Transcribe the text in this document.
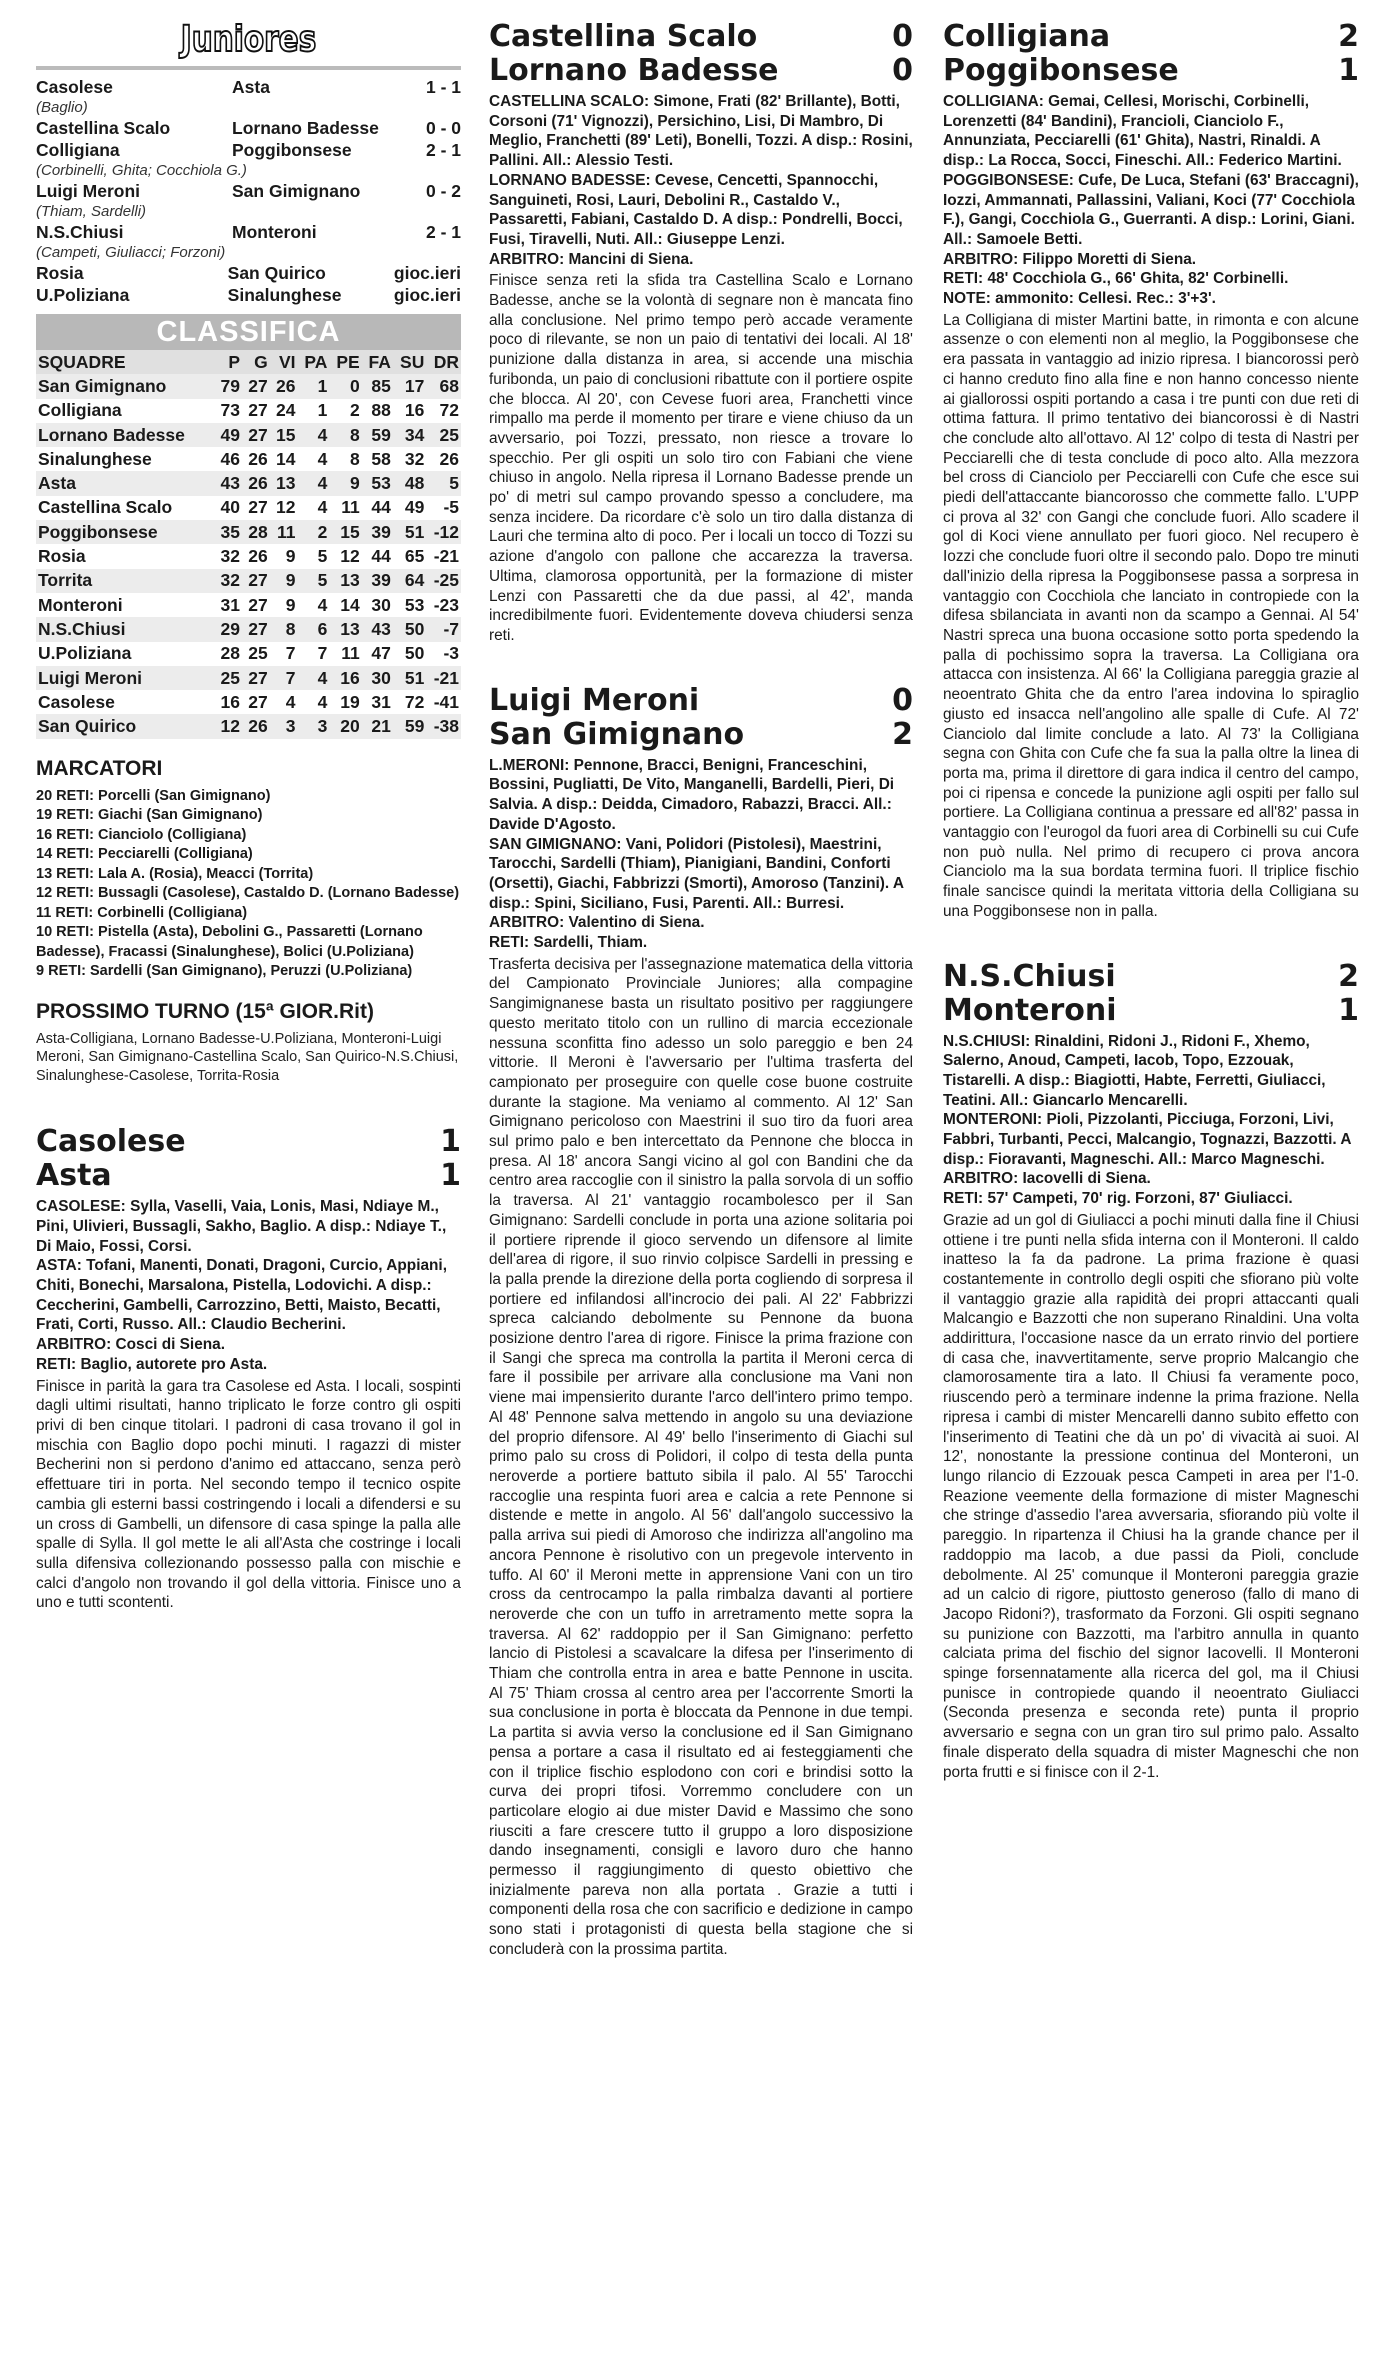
Juniores
Casolese	Asta	1 - 1
(Baglio)
Castellina Scalo	Lornano Badesse	0 - 0
Colligiana	Poggibonsese	2 - 1
(Corbinelli, Ghita; Cocchiola G.)
Luigi Meroni	San Gimignano	0 - 2
(Thiam, Sardelli)
N.S.Chiusi	Monteroni	2 - 1
(Campeti, Giuliacci; Forzoni)
Rosia	San Quirico	gioc.ieri
U.Poliziana	Sinalunghese	gioc.ieri
CLASSIFICA
SQUADRE	P	G	VI	PA	PE	FA	SU	DR
San Gimignano	79	27	26	1	0	85	17	68
Colligiana	73	27	24	1	2	88	16	72
Lornano Badesse	49	27	15	4	8	59	34	25
Sinalunghese	46	26	14	4	8	58	32	26
Asta	43	26	13	4	9	53	48	5
Castellina Scalo	40	27	12	4	11	44	49	-5
Poggibonsese	35	28	11	2	15	39	51	-12
Rosia	32	26	9	5	12	44	65	-21
Torrita	32	27	9	5	13	39	64	-25
Monteroni	31	27	9	4	14	30	53	-23
N.S.Chiusi	29	27	8	6	13	43	50	-7
U.Poliziana	28	25	7	7	11	47	50	-3
Luigi Meroni	25	27	7	4	16	30	51	-21
Casolese	16	27	4	4	19	31	72	-41
San Quirico	12	26	3	3	20	21	59	-38
MARCATORI
20 RETI: Porcelli (San Gimignano)
19 RETI: Giachi (San Gimignano)
16 RETI: Cianciolo (Colligiana)
14 RETI: Pecciarelli (Colligiana)
13 RETI: Lala A. (Rosia), Meacci (Torrita)
12 RETI: Bussagli (Casolese), Castaldo D. (Lornano Badesse)
11 RETI: Corbinelli (Colligiana)
10 RETI: Pistella (Asta), Debolini G., Passaretti (Lornano Badesse), Fracassi (Sinalunghese), Bolici (U.Poliziana)
9 RETI: Sardelli (San Gimignano), Peruzzi (U.Poliziana)
PROSSIMO TURNO (15ª GIOR.Rit)
Asta-Colligiana, Lornano Badesse-U.Poliziana, Monteroni-Luigi Meroni, San Gimignano-Castellina Scalo, San Quirico-N.S.Chiusi, Sinalunghese-Casolese, Torrita-Rosia
Casolese	1
Asta	1
CASOLESE: Sylla, Vaselli, Vaia, Lonis, Masi, Ndiaye M., Pini, Ulivieri, Bussagli, Sakho, Baglio. A disp.: Ndiaye T., Di Maio, Fossi, Corsi.
ASTA: Tofani, Manenti, Donati, Dragoni, Curcio, Appiani, Chiti, Bonechi, Marsalona, Pistella, Lodovichi. A disp.: Ceccherini, Gambelli, Carrozzino, Betti, Maisto, Becatti, Frati, Corti, Russo. All.: Claudio Becherini.
ARBITRO: Cosci di Siena.
RETI: Baglio, autorete pro Asta.
Finisce in parità la gara tra Casolese ed Asta. I locali, sospinti dagli ultimi risultati, hanno triplicato le forze contro gli ospiti privi di ben cinque titolari. I padroni di casa trovano il gol in mischia con Baglio dopo pochi minuti. I ragazzi di mister Becherini non si perdono d'animo ed attaccano, senza però effettuare tiri in porta. Nel secondo tempo il tecnico ospite cambia gli esterni bassi costringendo i locali a difendersi e su un cross di Gambelli, un difensore di casa spinge la palla alle spalle di Sylla. Il gol mette le ali all'Asta che costringe i locali sulla difensiva collezionando possesso palla con mischie e calci d'angolo non trovando il gol della vittoria. Finisce uno a uno e tutti scontenti.
Castellina Scalo	0
Lornano Badesse	0
CASTELLINA SCALO: Simone, Frati (82' Brillante), Botti, Corsoni (71' Vignozzi), Persichino, Lisi, Di Mambro, Di Meglio, Franchetti (89' Leti), Bonelli, Tozzi. A disp.: Rosini, Pallini. All.: Alessio Testi.
LORNANO BADESSE: Cevese, Cencetti, Spannocchi, Sanguineti, Rosi, Lauri, Debolini R., Castaldo V., Passaretti, Fabiani, Castaldo D. A disp.: Pondrelli, Bocci, Fusi, Tiravelli, Nuti. All.: Giuseppe Lenzi.
ARBITRO: Mancini di Siena.
Finisce senza reti la sfida tra Castellina Scalo e Lornano Badesse, anche se la volontà di segnare non è mancata fino alla conclusione. Nel primo tempo però accade veramente poco di rilevante, se non un paio di tentativi dei locali. Al 18' punizione dalla distanza in area, si accende una mischia furibonda, un paio di conclusioni ribattute con il portiere ospite che blocca. Al 20', con Cevese fuori area, Franchetti vince rimpallo ma perde il momento per tirare e viene chiuso da un avversario, poi Tozzi, pressato, non riesce a trovare lo specchio. Per gli ospiti un solo tiro con Fabiani che viene chiuso in angolo. Nella ripresa il Lornano Badesse prende un po' di metri sul campo provando spesso a concludere, ma senza incidere. Da ricordare c'è solo un tiro dalla distanza di Lauri che termina alto di poco. Per i locali un tocco di Tozzi su azione d'angolo con pallone che accarezza la traversa. Ultima, clamorosa opportunità, per la formazione di mister Lenzi con Passaretti che da due passi, al 42', manda incredibilmente fuori. Evidentemente doveva chiudersi senza reti.
Luigi Meroni	0
San Gimignano	2
L.MERONI: Pennone, Bracci, Benigni, Franceschini, Bossini, Pugliatti, De Vito, Manganelli, Bardelli, Pieri, Di Salvia. A disp.: Deidda, Cimadoro, Rabazzi, Bracci. All.: Davide D'Agosto.
SAN GIMIGNANO: Vani, Polidori (Pistolesi), Maestrini, Tarocchi, Sardelli (Thiam), Pianigiani, Bandini, Conforti (Orsetti), Giachi, Fabbrizzi (Smorti), Amoroso (Tanzini). A disp.: Spini, Siciliano, Fusi, Parenti. All.: Burresi.
ARBITRO: Valentino di Siena.
RETI: Sardelli, Thiam.
Trasferta decisiva per l'assegnazione matematica della vittoria del Campionato Provinciale Juniores; alla compagine Sangimignanese basta un risultato positivo per raggiungere questo meritato titolo con un rullino di marcia eccezionale nessuna sconfitta fino adesso un solo pareggio e ben 24 vittorie. Il Meroni è l'avversario per l'ultima trasferta del campionato per proseguire con quelle cose buone costruite durante la stagione. Ma veniamo al commento. Al 12' San Gimignano pericoloso con Maestrini il suo tiro da fuori area sul primo palo e ben intercettato da Pennone che blocca in presa. Al 18' ancora Sangi vicino al gol con Bandini che da centro area raccoglie con il sinistro la palla sorvola di un soffio la traversa. Al 21' vantaggio rocambolesco per il San Gimignano: Sardelli conclude in porta una azione solitaria poi il portiere riprende il gioco servendo un difensore al limite dell'area di rigore, il suo rinvio colpisce Sardelli in pressing e la palla prende la direzione della porta cogliendo di sorpresa il portiere ed infilandosi all'incrocio dei pali. Al 22' Fabbrizzi spreca calciando debolmente su Pennone da buona posizione dentro l'area di rigore. Finisce la prima frazione con il Sangi che spreca ma controlla la partita il Meroni cerca di fare il possibile per arrivare alla conclusione ma Vani non viene mai impensierito durante l'arco dell'intero primo tempo. Al 48' Pennone salva mettendo in angolo su una deviazione del proprio difensore. Al 49' bello l'inserimento di Giachi sul primo palo su cross di Polidori, il colpo di testa della punta neroverde a portiere battuto sibila il palo. Al 55' Tarocchi raccoglie una respinta fuori area e calcia a rete Pennone si distende e mette in angolo. Al 56' dall'angolo successivo la palla arriva sui piedi di Amoroso che indirizza all'angolino ma ancora Pennone è risolutivo con un pregevole intervento in tuffo. Al 60' il Meroni mette in apprensione Vani con un tiro cross da centrocampo la palla rimbalza davanti al portiere neroverde che con un tuffo in arretramento mette sopra la traversa. Al 62' raddoppio per il San Gimignano: perfetto lancio di Pistolesi a scavalcare la difesa per l'inserimento di Thiam che controlla entra in area e batte Pennone in uscita. Al 75' Thiam crossa al centro area per l'accorrente Smorti la sua conclusione in porta è bloccata da Pennone in due tempi. La partita si avvia verso la conclusione ed il San Gimignano pensa a portare a casa il risultato ed ai festeggiamenti che con il triplice fischio esplodono con cori e brindisi sotto la curva dei propri tifosi. Vorremmo concludere con un particolare elogio ai due mister David e Massimo che sono riusciti a fare crescere tutto il gruppo a loro disposizione dando insegnamenti, consigli e lavoro duro che hanno permesso il raggiungimento di questo obiettivo che inizialmente pareva non alla portata . Grazie a tutti i componenti della rosa che con sacrificio e dedizione in campo sono stati i protagonisti di questa bella stagione che si concluderà con la prossima partita.
Colligiana	2
Poggibonsese	1
COLLIGIANA: Gemai, Cellesi, Morischi, Corbinelli, Lorenzetti (84' Bandini), Francioli, Cianciolo F., Annunziata, Pecciarelli (61' Ghita), Nastri, Rinaldi. A disp.: La Rocca, Socci, Fineschi. All.: Federico Martini.
POGGIBONSESE: Cufe, De Luca, Stefani (63' Braccagni), Iozzi, Ammannati, Pallassini, Valiani, Koci (77' Cocchiola F.), Gangi, Cocchiola G., Guerranti. A disp.: Lorini, Giani. All.: Samoele Betti.
ARBITRO: Filippo Moretti di Siena.
RETI: 48' Cocchiola G., 66' Ghita, 82' Corbinelli.
NOTE: ammonito: Cellesi. Rec.: 3'+3'.
La Colligiana di mister Martini batte, in rimonta e con alcune assenze o con elementi non al meglio, la Poggibonsese che era passata in vantaggio ad inizio ripresa. I biancorossi però ci hanno creduto fino alla fine e non hanno concesso niente ai giallorossi ospiti portando a casa i tre punti con due reti di ottima fattura. Il primo tentativo dei biancorossi è di Nastri che conclude alto all'ottavo. Al 12' colpo di testa di Nastri per Pecciarelli che di testa conclude di poco alto. Alla mezzora bel cross di Cianciolo per Pecciarelli con Cufe che esce sui piedi dell'attaccante biancorosso che commette fallo. L'UPP ci prova al 32' con Gangi che conclude fuori. Allo scadere il gol di Koci viene annullato per fuori gioco. Nel recupero è Iozzi che conclude fuori oltre il secondo palo. Dopo tre minuti dall'inizio della ripresa la Poggibonsese passa a sorpresa in vantaggio con Cocchiola che lanciato in contropiede con la difesa sbilanciata in avanti non da scampo a Gennai. Al 54' Nastri spreca una buona occasione sotto porta spedendo la palla di pochissimo sopra la traversa. La Colligiana ora attacca con insistenza. Al 66' la Colligiana pareggia grazie al neoentrato Ghita che da entro l'area indovina lo spiraglio giusto ed insacca nell'angolino alle spalle di Cufe. Al 72' Cianciolo dal limite conclude a lato. Al 73' la Colligiana segna con Ghita con Cufe che fa sua la palla oltre la linea di porta ma, prima il direttore di gara indica il centro del campo, poi ci ripensa e concede la punizione agli ospiti per fallo sul portiere. La Colligiana continua a pressare ed all'82' passa in vantaggio con l'eurogol da fuori area di Corbinelli su cui Cufe non può nulla. Nel primo di recupero ci prova ancora Cianciolo ma la sua bordata termina fuori. Il triplice fischio finale sancisce quindi la meritata vittoria della Colligiana su una Poggibonsese non in palla.
N.S.Chiusi	2
Monteroni	1
N.S.CHIUSI: Rinaldini, Ridoni J., Ridoni F., Xhemo, Salerno, Anoud, Campeti, Iacob, Topo, Ezzouak, Tistarelli. A disp.: Biagiotti, Habte, Ferretti, Giuliacci, Teatini. All.: Giancarlo Mencarelli.
MONTERONI: Pioli, Pizzolanti, Picciuga, Forzoni, Livi, Fabbri, Turbanti, Pecci, Malcangio, Tognazzi, Bazzotti. A disp.: Fioravanti, Magneschi. All.: Marco Magneschi.
ARBITRO: Iacovelli di Siena.
RETI: 57' Campeti, 70' rig. Forzoni, 87' Giuliacci.
Grazie ad un gol di Giuliacci a pochi minuti dalla fine il Chiusi ottiene i tre punti nella sfida interna con il Monteroni. Il caldo inatteso la fa da padrone. La prima frazione è quasi costantemente in controllo degli ospiti che sfiorano più volte il vantaggio grazie alla rapidità dei propri attaccanti quali Malcangio e Bazzotti che non superano Rinaldini. Una volta addirittura, l'occasione nasce da un errato rinvio del portiere di casa che, inavvertitamente, serve proprio Malcangio che clamorosamente tira a lato. Il Chiusi fa veramente poco, riuscendo però a terminare indenne la prima frazione. Nella ripresa i cambi di mister Mencarelli danno subito effetto con l'inserimento di Teatini che dà un po' di vivacità ai suoi. Al 12', nonostante la pressione continua del Monteroni, un lungo rilancio di Ezzouak pesca Campeti in area per l'1-0. Reazione veemente della formazione di mister Magneschi che stringe d'assedio l'area avversaria, sfiorando più volte il pareggio. In ripartenza il Chiusi ha la grande chance per il raddoppio ma Iacob, a due passi da Pioli, conclude debolmente. Al 25' comunque il Monteroni pareggia grazie ad un calcio di rigore, piuttosto generoso (fallo di mano di Jacopo Ridoni?), trasformato da Forzoni. Gli ospiti segnano su punizione con Bazzotti, ma l'arbitro annulla in quanto calciata prima del fischio del signor Iacovelli. Il Monteroni spinge forsennatamente alla ricerca del gol, ma il Chiusi punisce in contropiede quando il neoentrato Giuliacci (Seconda presenza e seconda rete) punta il proprio avversario e segna con un gran tiro sul primo palo. Assalto finale disperato della squadra di mister Magneschi che non porta frutti e si finisce con il 2-1.
